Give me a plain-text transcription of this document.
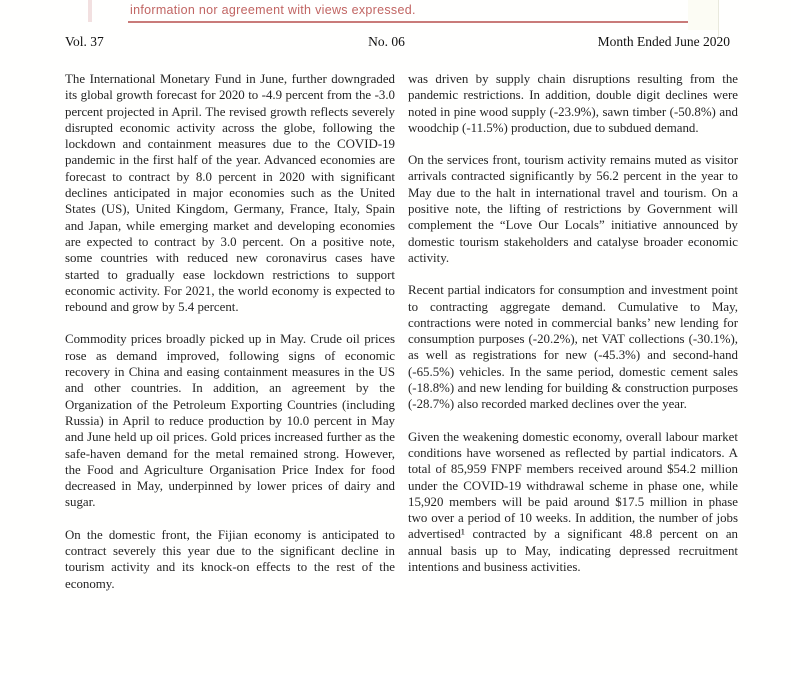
information nor agreement with views expressed.
Vol. 37	No. 06	Month Ended June 2020

The International Monetary Fund in June, further downgraded its global growth forecast for 2020 to -4.9 percent from the -3.0 percent projected in April. The revised growth reflects severely disrupted economic activity across the globe, following the lockdown and containment measures due to the COVID-19 pandemic in the first half of the year. Advanced economies are forecast to contract by 8.0 percent in 2020 with significant declines anticipated in major economies such as the United States (US), United Kingdom, Germany, France, Italy, Spain and Japan, while emerging market and developing economies are expected to contract by 3.0 percent. On a positive note, some countries with reduced new coronavirus cases have started to gradually ease lockdown restrictions to support economic activity. For 2021, the world economy is expected to rebound and grow by 5.4 percent.

Commodity prices broadly picked up in May. Crude oil prices rose as demand improved, following signs of economic recovery in China and easing containment measures in the US and other countries. In addition, an agreement by the Organization of the Petroleum Exporting Countries (including Russia) in April to reduce production by 10.0 percent in May and June held up oil prices. Gold prices increased further as the safe-haven demand for the metal remained strong. However, the Food and Agriculture Organisation Price Index for food decreased in May, underpinned by lower prices of dairy and sugar.

On the domestic front, the Fijian economy is anticipated to contract severely this year due to the significant decline in tourism activity and its knock-on effects to the rest of the economy.

was driven by supply chain disruptions resulting from the pandemic restrictions. In addition, double digit declines were noted in pine wood supply (-23.9%), sawn timber (-50.8%) and woodchip (-11.5%) production, due to subdued demand.

On the services front, tourism activity remains muted as visitor arrivals contracted significantly by 56.2 percent in the year to May due to the halt in international travel and tourism. On a positive note, the lifting of restrictions by Government will complement the “Love Our Locals” initiative announced by domestic tourism stakeholders and catalyse broader economic activity.

Recent partial indicators for consumption and investment point to contracting aggregate demand. Cumulative to May, contractions were noted in commercial banks’ new lending for consumption purposes (-20.2%), net VAT collections (-30.1%), as well as registrations for new (-45.3%) and second-hand (-65.5%) vehicles. In the same period, domestic cement sales (-18.8%) and new lending for building & construction purposes (-28.7%) also recorded marked declines over the year.

Given the weakening domestic economy, overall labour market conditions have worsened as reflected by partial indicators. A total of 85,959 FNPF members received around $54.2 million under the COVID-19 withdrawal scheme in phase one, while 15,920 members will be paid around $17.5 million in phase two over a period of 10 weeks. In addition, the number of jobs advertised¹ contracted by a significant 48.8 percent on an annual basis up to May, indicating depressed recruitment intentions and business activities.
